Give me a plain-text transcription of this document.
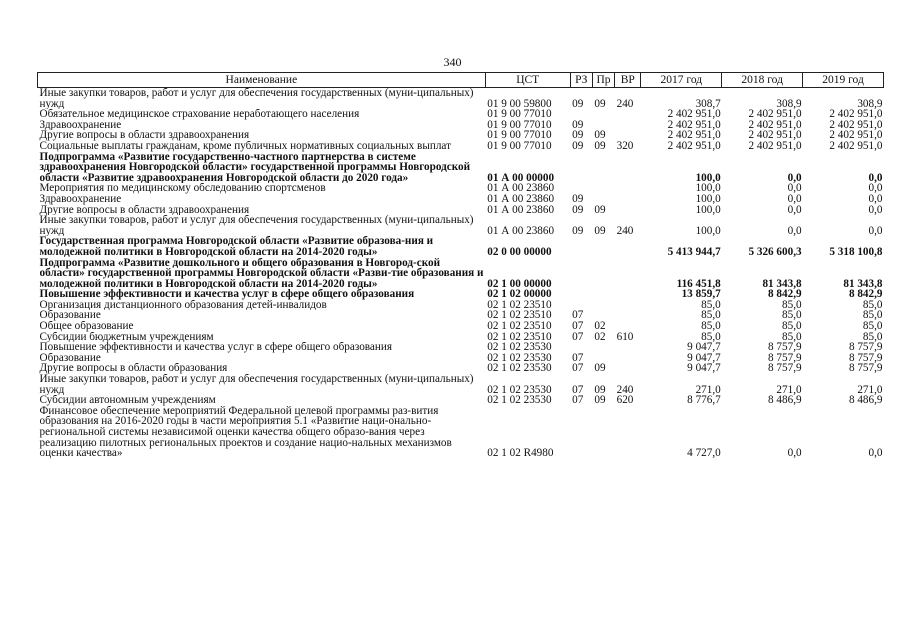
340
Наименование	ЦСТ	РЗ	Пр	ВР	2017 год	2018 год	2019 год
Иные закупки товаров, работ и услуг для обеспечения государственных (муни-ципальных) нужд	01 9 00 59800	09	09	240	308,7	308,9	308,9
Обязательное медицинское страхование неработающего населения	01 9 00 77010				2 402 951,0	2 402 951,0	2 402 951,0
Здравоохранение	01 9 00 77010	09			2 402 951,0	2 402 951,0	2 402 951,0
Другие вопросы в области здравоохранения	01 9 00 77010	09	09		2 402 951,0	2 402 951,0	2 402 951,0
Социальные выплаты гражданам, кроме публичных нормативных социальных выплат	01 9 00 77010	09	09	320	2 402 951,0	2 402 951,0	2 402 951,0
Подпрограмма «Развитие государственно-частного партнерства в системе здравоохранения Новгородской области» государственной программы Новгородской области «Развитие здравоохранения Новгородской области до 2020 года»	01 А 00 00000				100,0	0,0	0,0
Мероприятия по медицинскому обследованию спортсменов	01 А 00 23860				100,0	0,0	0,0
Здравоохранение	01 А 00 23860	09			100,0	0,0	0,0
Другие вопросы в области здравоохранения	01 А 00 23860	09	09		100,0	0,0	0,0
Иные закупки товаров, работ и услуг для обеспечения государственных (муни-ципальных) нужд	01 А 00 23860	09	09	240	100,0	0,0	0,0
Государственная программа Новгородской области «Развитие образова-ния и молодежной политики в Новгородской области на 2014-2020 годы»	02 0 00 00000				5 413 944,7	5 326 600,3	5 318 100,8
Подпрограмма «Развитие дошкольного и общего образования в Новгород-ской области» государственной программы Новгородской области «Разви-тие образования и молодежной политики в Новгородской области на 2014-2020 годы»	02 1 00 00000				116 451,8	81 343,8	81 343,8
Повышение эффективности и качества услуг в сфере общего образования	02 1 02 00000				13 859,7	8 842,9	8 842,9
Организация дистанционного образования детей-инвалидов	02 1 02 23510				85,0	85,0	85,0
Образование	02 1 02 23510	07			85,0	85,0	85,0
Общее образование	02 1 02 23510	07	02		85,0	85,0	85,0
Субсидии бюджетным учреждениям	02 1 02 23510	07	02	610	85,0	85,0	85,0
Повышение эффективности и качества услуг в сфере общего образования	02 1 02 23530				9 047,7	8 757,9	8 757,9
Образование	02 1 02 23530	07			9 047,7	8 757,9	8 757,9
Другие вопросы в области образования	02 1 02 23530	07	09		9 047,7	8 757,9	8 757,9
Иные закупки товаров, работ и услуг для обеспечения государственных (муни-ципальных) нужд	02 1 02 23530	07	09	240	271,0	271,0	271,0
Субсидии автономным учреждениям	02 1 02 23530	07	09	620	8 776,7	8 486,9	8 486,9
Финансовое обеспечение мероприятий Федеральной целевой программы раз-вития образования на 2016-2020 годы в части мероприятия 5.1 «Развитие наци-онально-региональной системы независимой оценки качества общего образо-вания через реализацию пилотных региональных проектов и создание нацио-нальных механизмов оценки качества»	02 1 02 R4980				4 727,0	0,0	0,0
